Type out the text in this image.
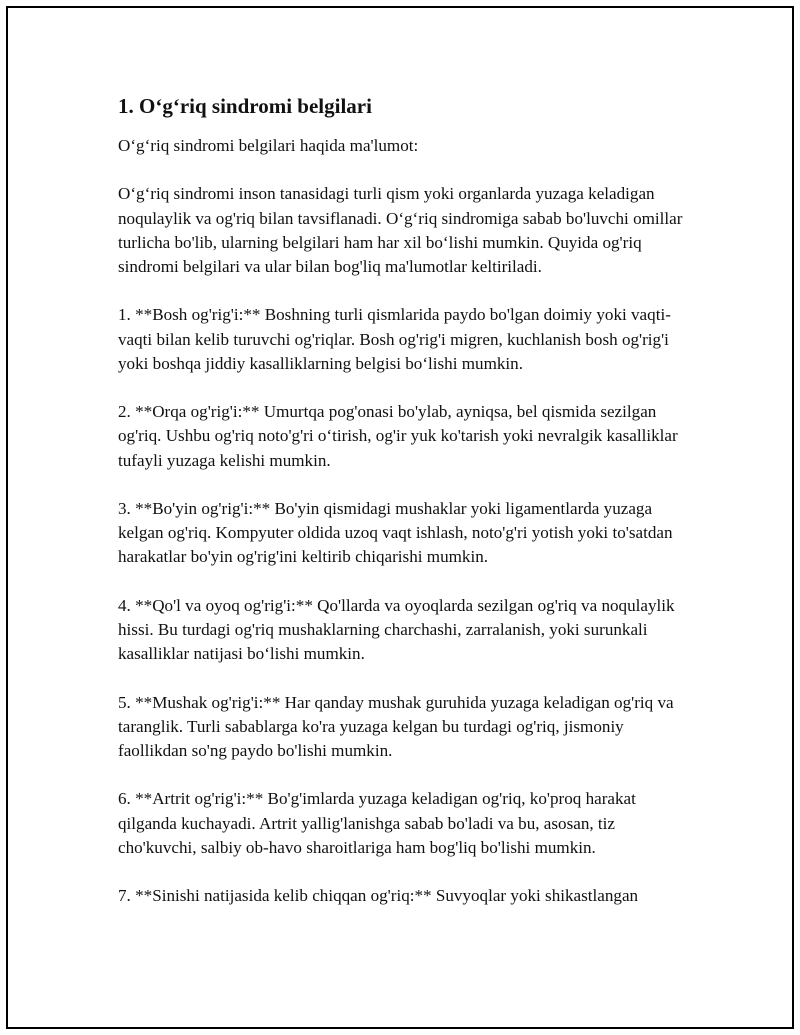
1. O‘g‘riq sindromi belgilari

O‘g‘riq sindromi belgilari haqida ma'lumot:

O‘g‘riq sindromi inson tanasidagi turli qism yoki organlarda yuzaga keladigan noqulaylik va og'riq bilan tavsiflanadi. O‘g‘riq sindromiga sabab bo'luvchi omillar turlicha bo'lib, ularning belgilari ham har xil bo‘lishi mumkin. Quyida og'riq sindromi belgilari va ular bilan bog'liq ma'lumotlar keltiriladi.

1. **Bosh og'rig'i:** Boshning turli qismlarida paydo bo'lgan doimiy yoki vaqti-vaqti bilan kelib turuvchi og'riqlar. Bosh og'rig'i migren, kuchlanish bosh og'rig'i yoki boshqa jiddiy kasalliklarning belgisi bo‘lishi mumkin.

2. **Orqa og'rig'i:** Umurtqa pog'onasi bo'ylab, ayniqsa, bel qismida sezilgan og'riq. Ushbu og'riq noto'g'ri o‘tirish, og'ir yuk ko'tarish yoki nevralgik kasalliklar tufayli yuzaga kelishi mumkin.

3. **Bo'yin og'rig'i:** Bo'yin qismidagi mushaklar yoki ligamentlarda yuzaga kelgan og'riq. Kompyuter oldida uzoq vaqt ishlash, noto'g'ri yotish yoki to'satdan harakatlar bo'yin og'rig'ini keltirib chiqarishi mumkin.

4. **Qo'l va oyoq og'rig'i:** Qo'llarda va oyoqlarda sezilgan og'riq va noqulaylik hissi. Bu turdagi og'riq mushaklarning charchashi, zarralanish, yoki surunkali kasalliklar natijasi bo‘lishi mumkin.

5. **Mushak og'rig'i:** Har qanday mushak guruhida yuzaga keladigan og'riq va taranglik. Turli sabablarga ko'ra yuzaga kelgan bu turdagi og'riq, jismoniy faollikdan so'ng paydo bo'lishi mumkin.

6. **Artrit og'rig'i:** Bo'g'imlarda yuzaga keladigan og'riq, ko'proq harakat qilganda kuchayadi. Artrit yallig'lanishga sabab bo'ladi va bu, asosan, tiz cho'kuvchi, salbiy ob-havo sharoitlariga ham bog'liq bo'lishi mumkin.

7. **Sinishi natijasida kelib chiqqan og'riq:** Suvyoqlar yoki shikastlangan
